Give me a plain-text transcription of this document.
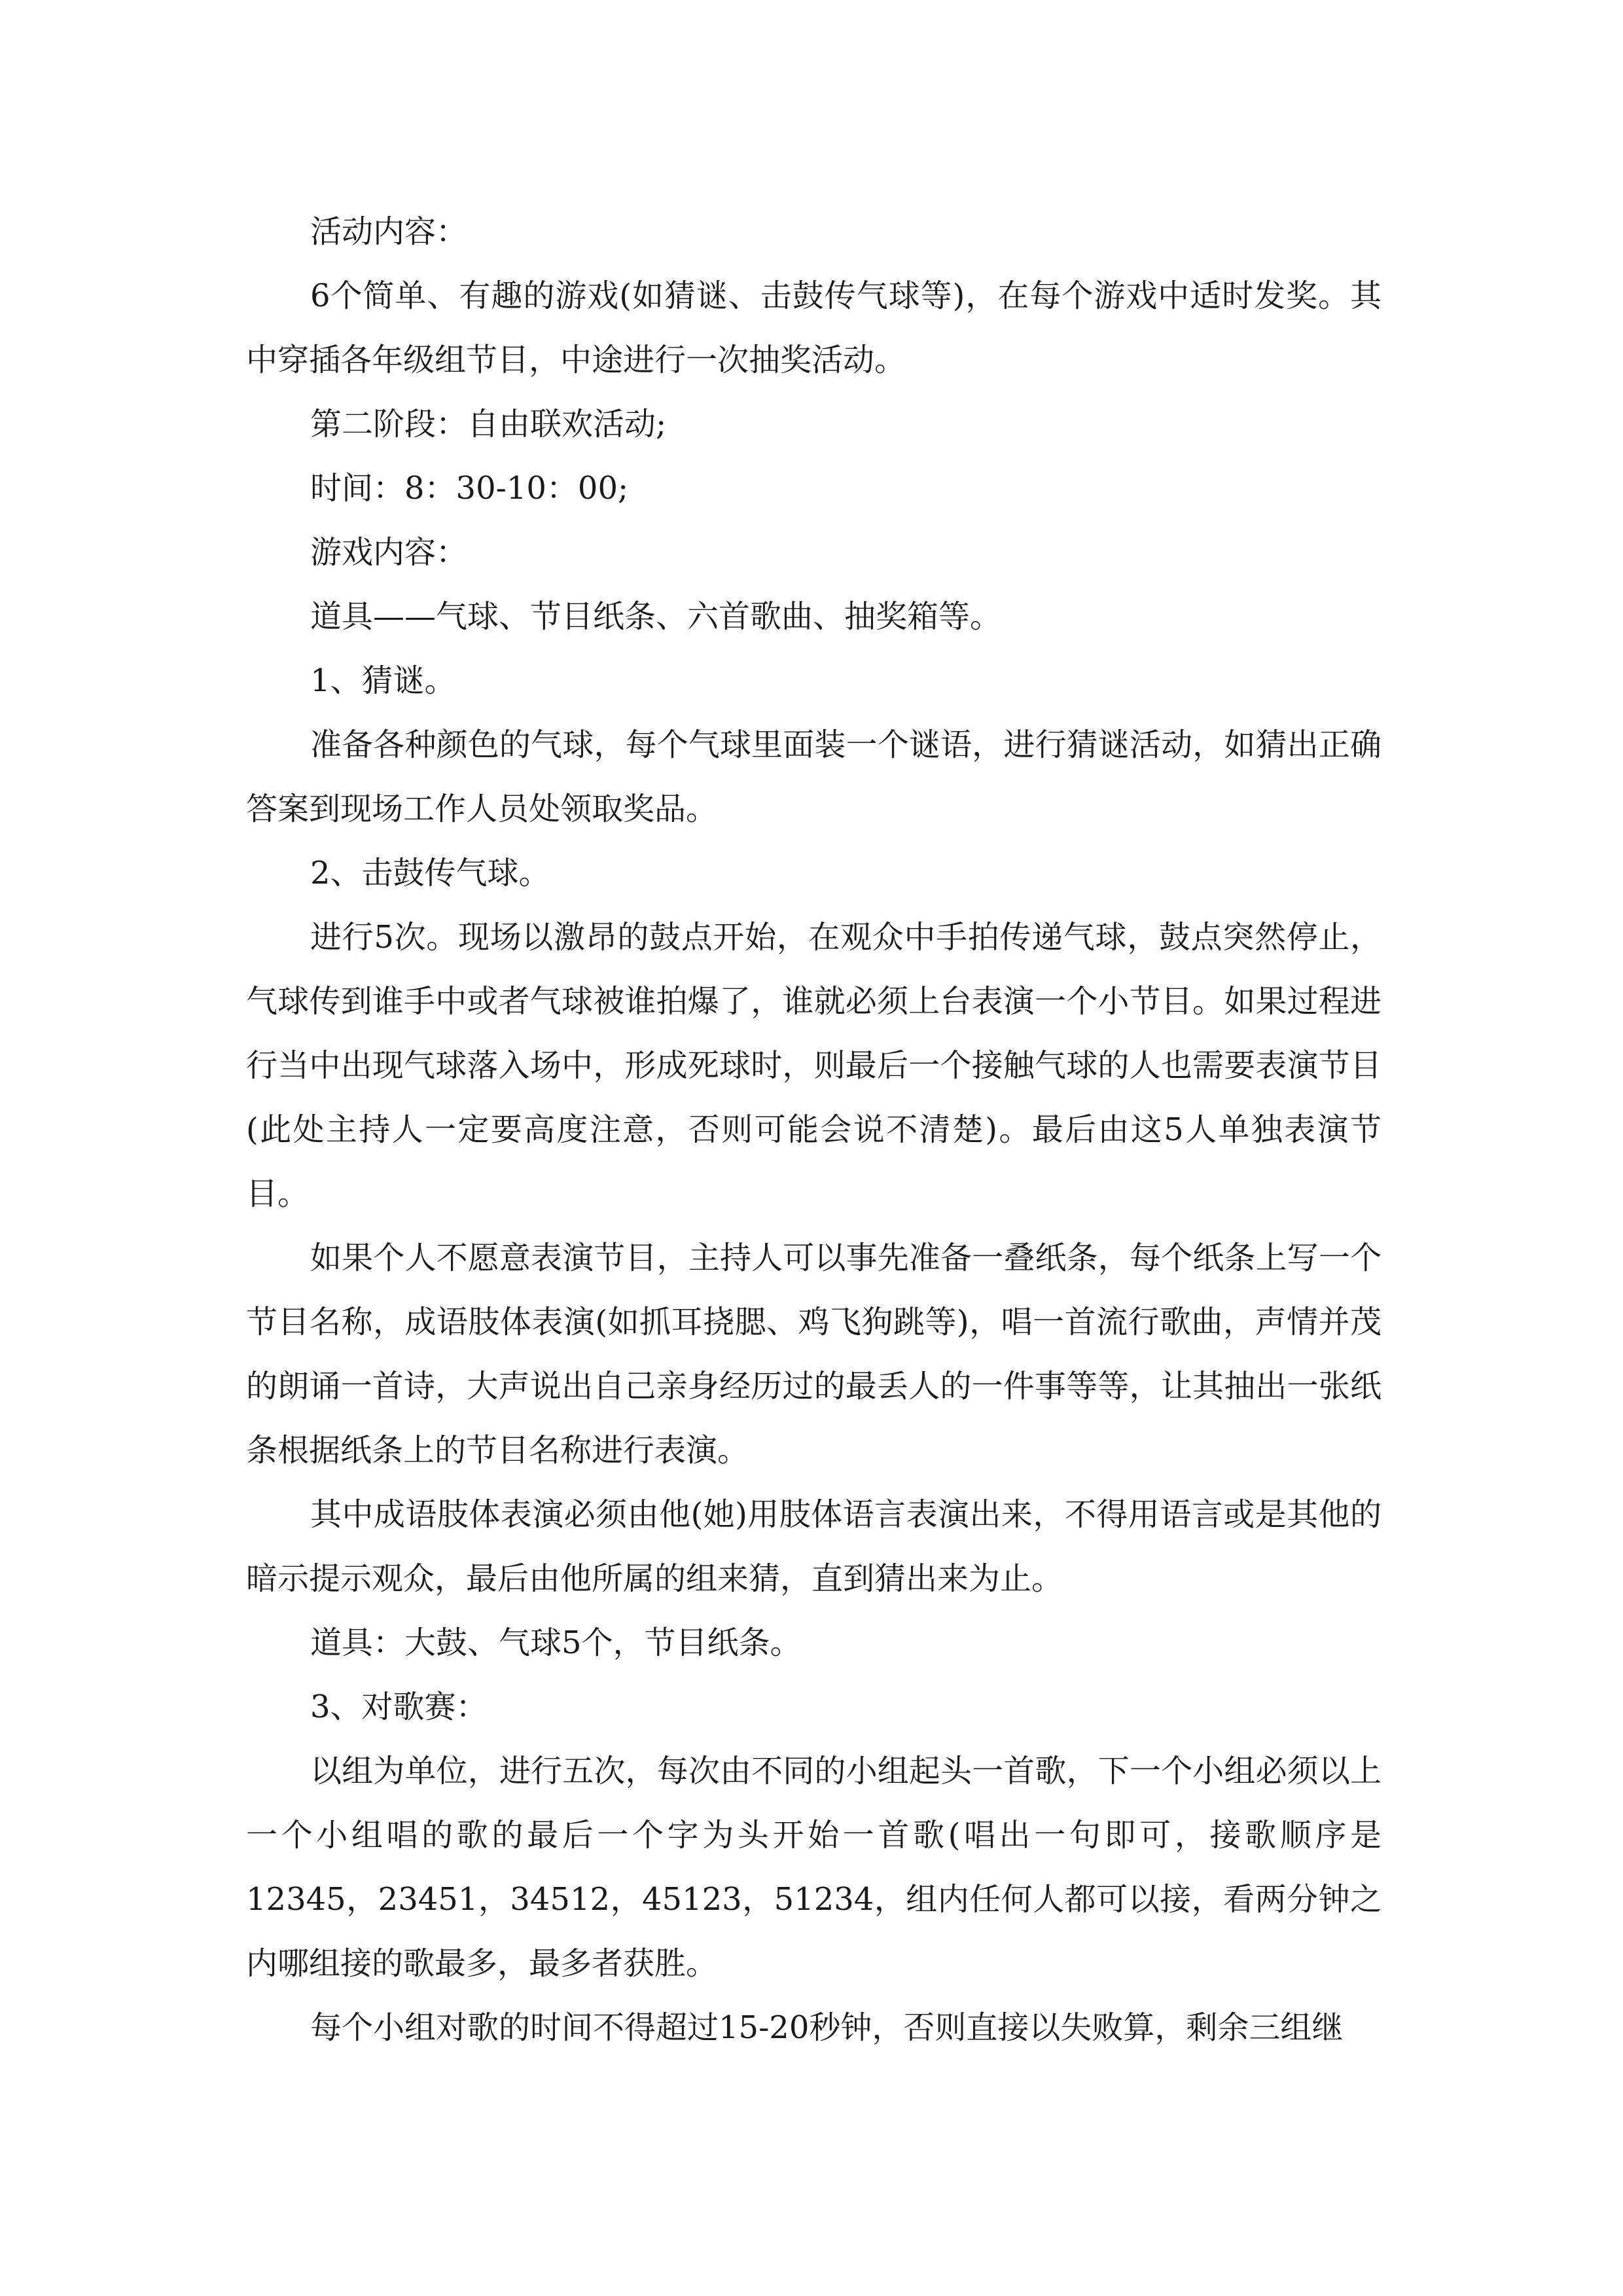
活动内容：

6个简单、有趣的游戏(如猜谜、击鼓传气球等)，在每个游戏中适时发奖。其中穿插各年级组节目，中途进行一次抽奖活动。

第二阶段：自由联欢活动;

时间：8：30-10：00;

游戏内容：

道具——气球、节目纸条、六首歌曲、抽奖箱等。

1、猜谜。

准备各种颜色的气球，每个气球里面装一个谜语，进行猜谜活动，如猜出正确答案到现场工作人员处领取奖品。

2、击鼓传气球。

进行5次。现场以激昂的鼓点开始，在观众中手拍传递气球，鼓点突然停止，气球传到谁手中或者气球被谁拍爆了，谁就必须上台表演一个小节目。如果过程进行当中出现气球落入场中，形成死球时，则最后一个接触气球的人也需要表演节目(此处主持人一定要高度注意，否则可能会说不清楚)。最后由这5人单独表演节目。

如果个人不愿意表演节目，主持人可以事先准备一叠纸条，每个纸条上写一个节目名称，成语肢体表演(如抓耳挠腮、鸡飞狗跳等)，唱一首流行歌曲，声情并茂的朗诵一首诗，大声说出自己亲身经历过的最丢人的一件事等等，让其抽出一张纸条根据纸条上的节目名称进行表演。

其中成语肢体表演必须由他(她)用肢体语言表演出来，不得用语言或是其他的暗示提示观众，最后由他所属的组来猜，直到猜出来为止。

道具：大鼓、气球5个，节目纸条。

3、对歌赛：

以组为单位，进行五次，每次由不同的小组起头一首歌，下一个小组必须以上一个小组唱的歌的最后一个字为头开始一首歌(唱出一句即可，接歌顺序是12345，23451，34512，45123，51234，组内任何人都可以接，看两分钟之内哪组接的歌最多，最多者获胜。

每个小组对歌的时间不得超过15-20秒钟，否则直接以失败算，剩余三组继
